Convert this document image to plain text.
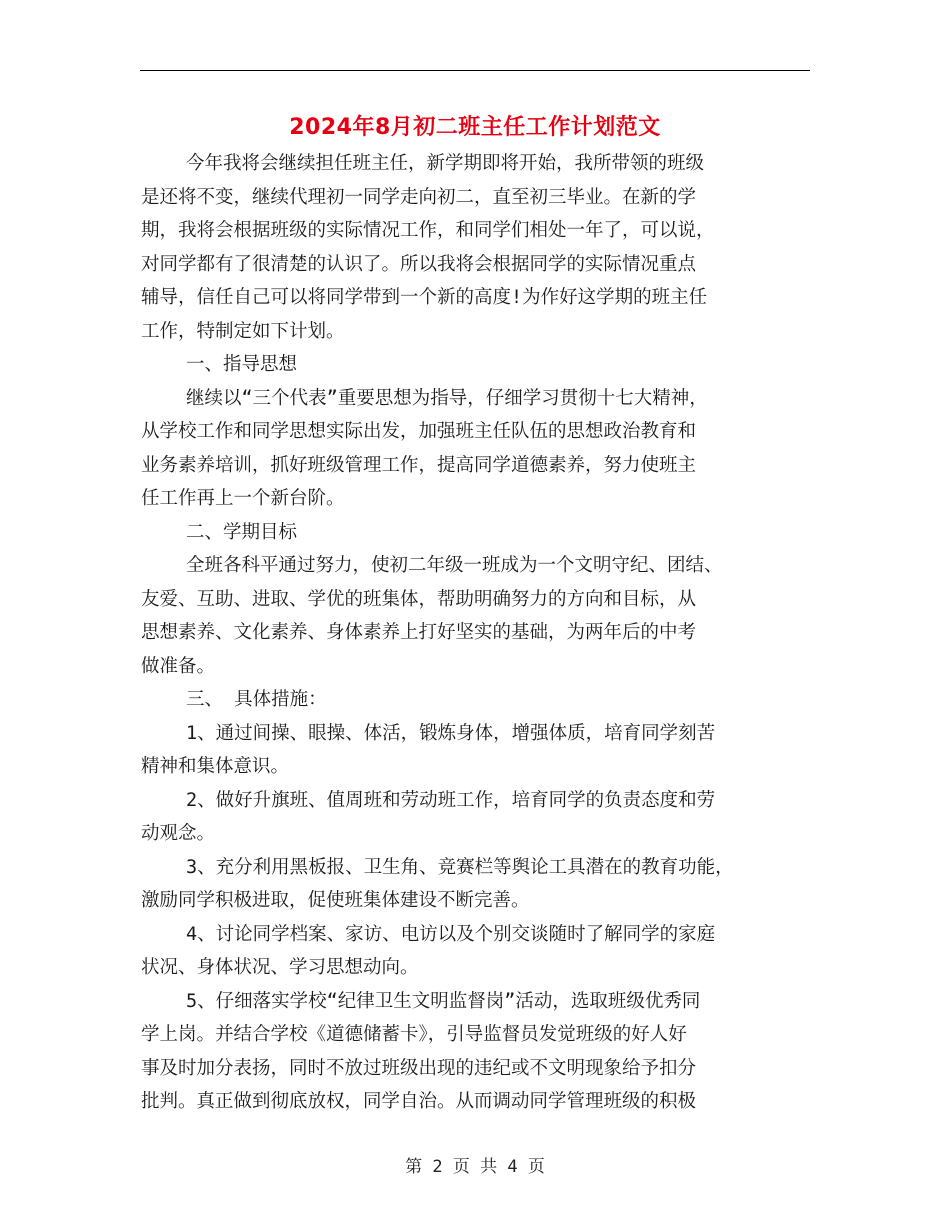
2024年8月初二班主任工作计划范文
今年我将会继续担任班主任，新学期即将开始，我所带领的班级
是还将不变，继续代理初一同学走向初二，直至初三毕业。在新的学
期，我将会根据班级的实际情况工作，和同学们相处一年了，可以说，
对同学都有了很清楚的认识了。所以我将会根据同学的实际情况重点
辅导，信任自己可以将同学带到一个新的高度!为作好这学期的班主任
工作，特制定如下计划。
一、指导思想
继续以“三个代表”重要思想为指导，仔细学习贯彻十七大精神，
从学校工作和同学思想实际出发，加强班主任队伍的思想政治教育和
业务素养培训，抓好班级管理工作，提高同学道德素养，努力使班主
任工作再上一个新台阶。
二、学期目标
全班各科平通过努力，使初二年级一班成为一个文明守纪、团结、
友爱、互助、进取、学优的班集体，帮助明确努力的方向和目标，从
思想素养、文化素养、身体素养上打好坚实的基础，为两年后的中考
做准备。
三、 具体措施：
1、通过间操、眼操、体活，锻炼身体，增强体质，培育同学刻苦
精神和集体意识。
2、做好升旗班、值周班和劳动班工作，培育同学的负责态度和劳
动观念。
3、充分利用黑板报、卫生角、竞赛栏等舆论工具潜在的教育功能，
激励同学积极进取，促使班集体建设不断完善。
4、讨论同学档案、家访、电访以及个别交谈随时了解同学的家庭
状况、身体状况、学习思想动向。
5、仔细落实学校“纪律卫生文明监督岗”活动，选取班级优秀同
学上岗。并结合学校《道德储蓄卡》，引导监督员发觉班级的好人好
事及时加分表扬，同时不放过班级出现的违纪或不文明现象给予扣分
批判。真正做到彻底放权，同学自治。从而调动同学管理班级的积极
第 2 页 共 4 页
